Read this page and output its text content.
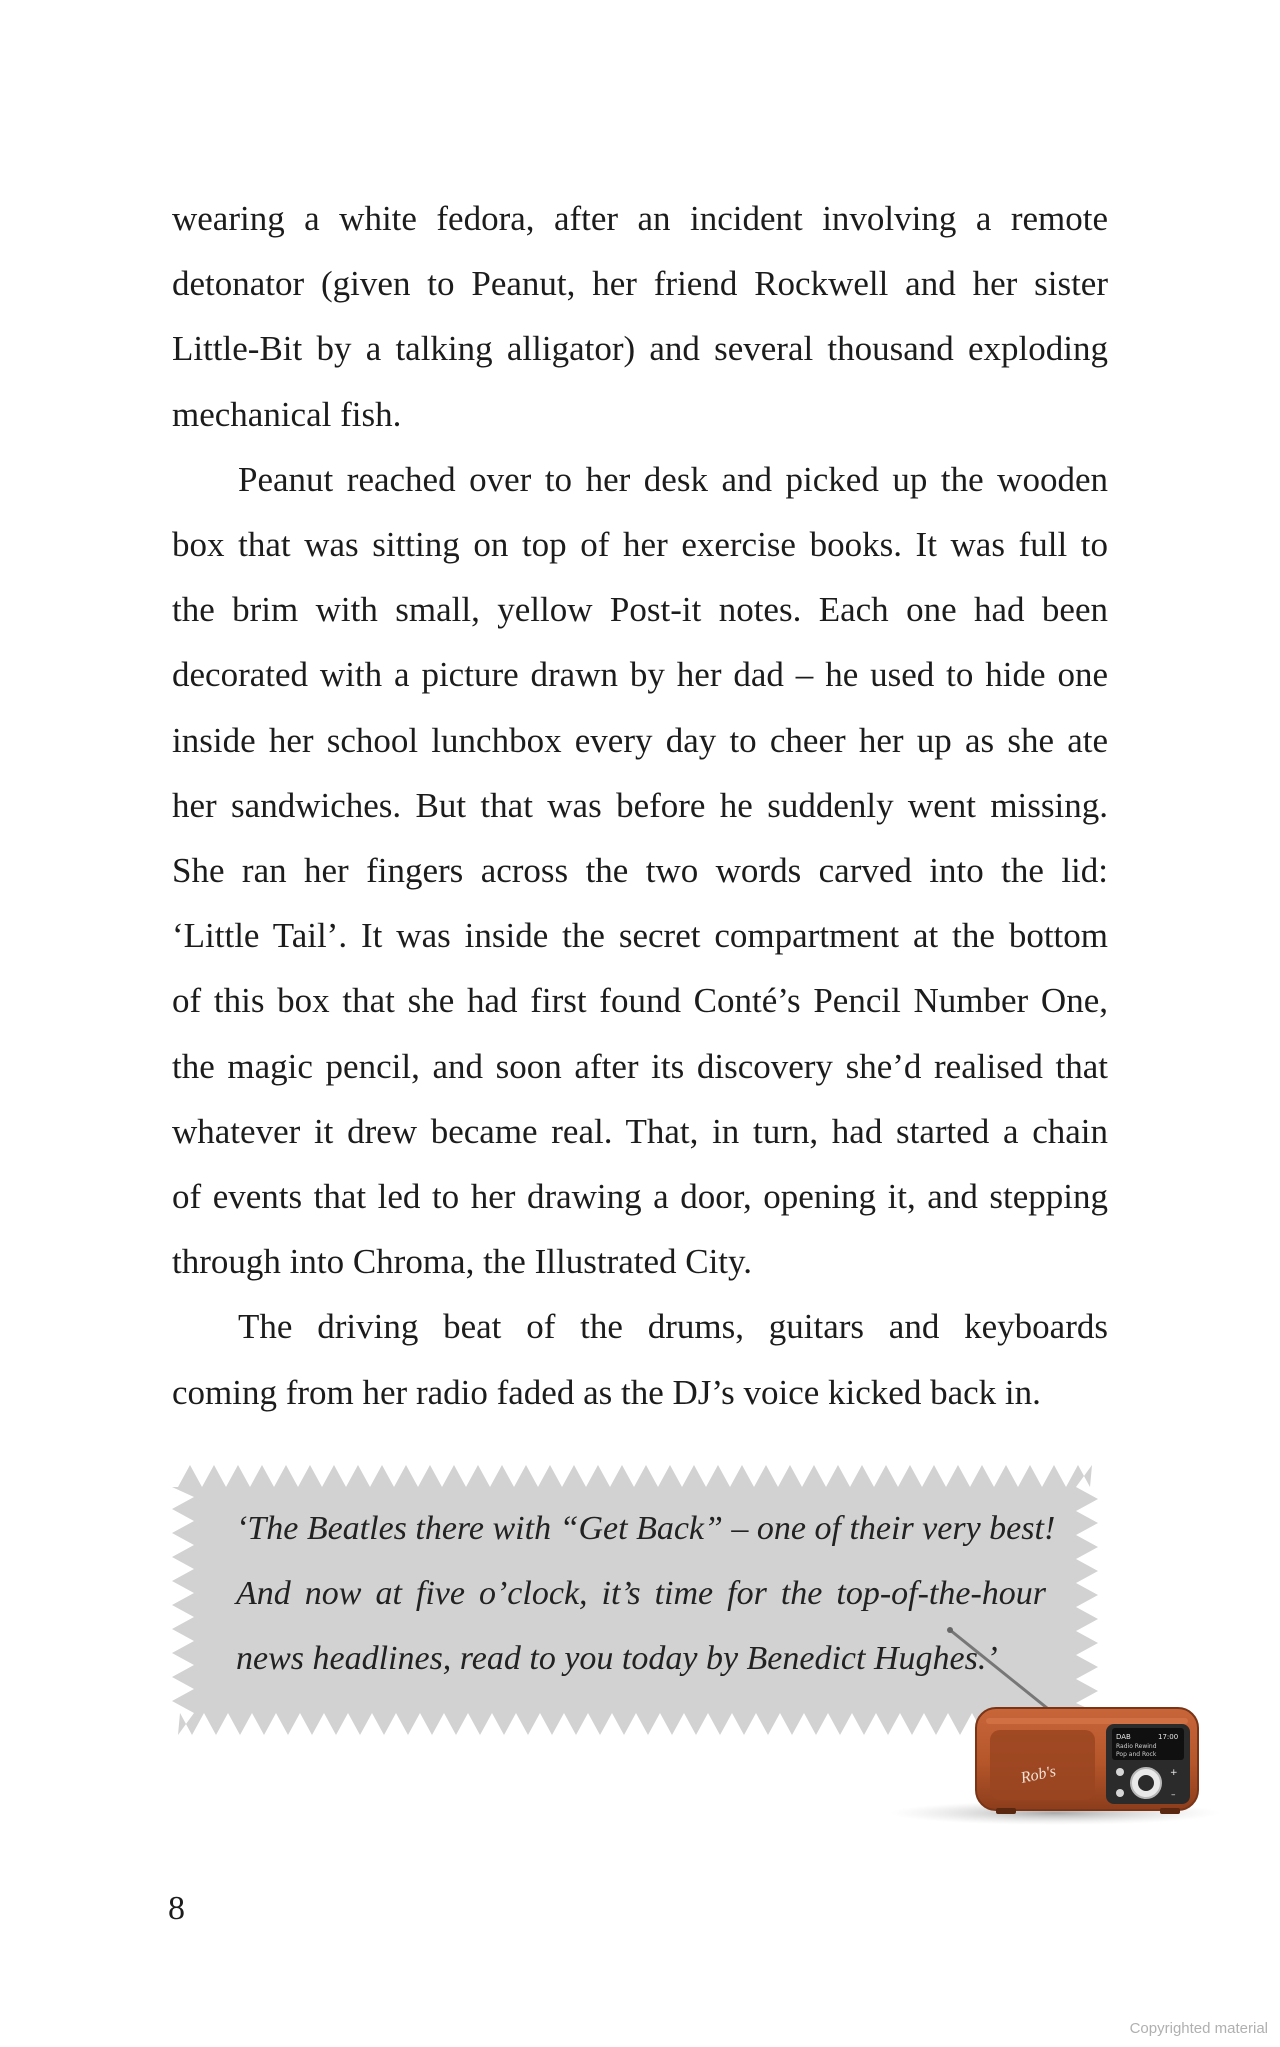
wearing a white fedora, after an incident involving a remote
detonator (given to Peanut, her friend Rockwell and her sister
Little-Bit by a talking alligator) and several thousand exploding
mechanical fish.
Peanut reached over to her desk and picked up the wooden
box that was sitting on top of her exercise books. It was full to
the brim with small, yellow Post-it notes. Each one had been
decorated with a picture drawn by her dad – he used to hide one
inside her school lunchbox every day to cheer her up as she ate
her sandwiches. But that was before he suddenly went missing.
She ran her fingers across the two words carved into the lid:
‘Little Tail’. It was inside the secret compartment at the bottom
of this box that she had first found Conté’s Pencil Number One,
the magic pencil, and soon after its discovery she’d realised that
whatever it drew became real. That, in turn, had started a chain
of events that led to her drawing a door, opening it, and stepping
through into Chroma, the Illustrated City.
The driving beat of the drums, guitars and keyboards
coming from her radio faded as the DJ’s voice kicked back in.
‘The Beatles there with “Get Back” – one of their very best!
And now at five o’clock, it’s time for the top-of-the-hour
news headlines, read to you today by Benedict Hughes.’
Rob's
DAB	17:00
Radio Rewind
Pop and Rock
+
–
8
Copyrighted material
